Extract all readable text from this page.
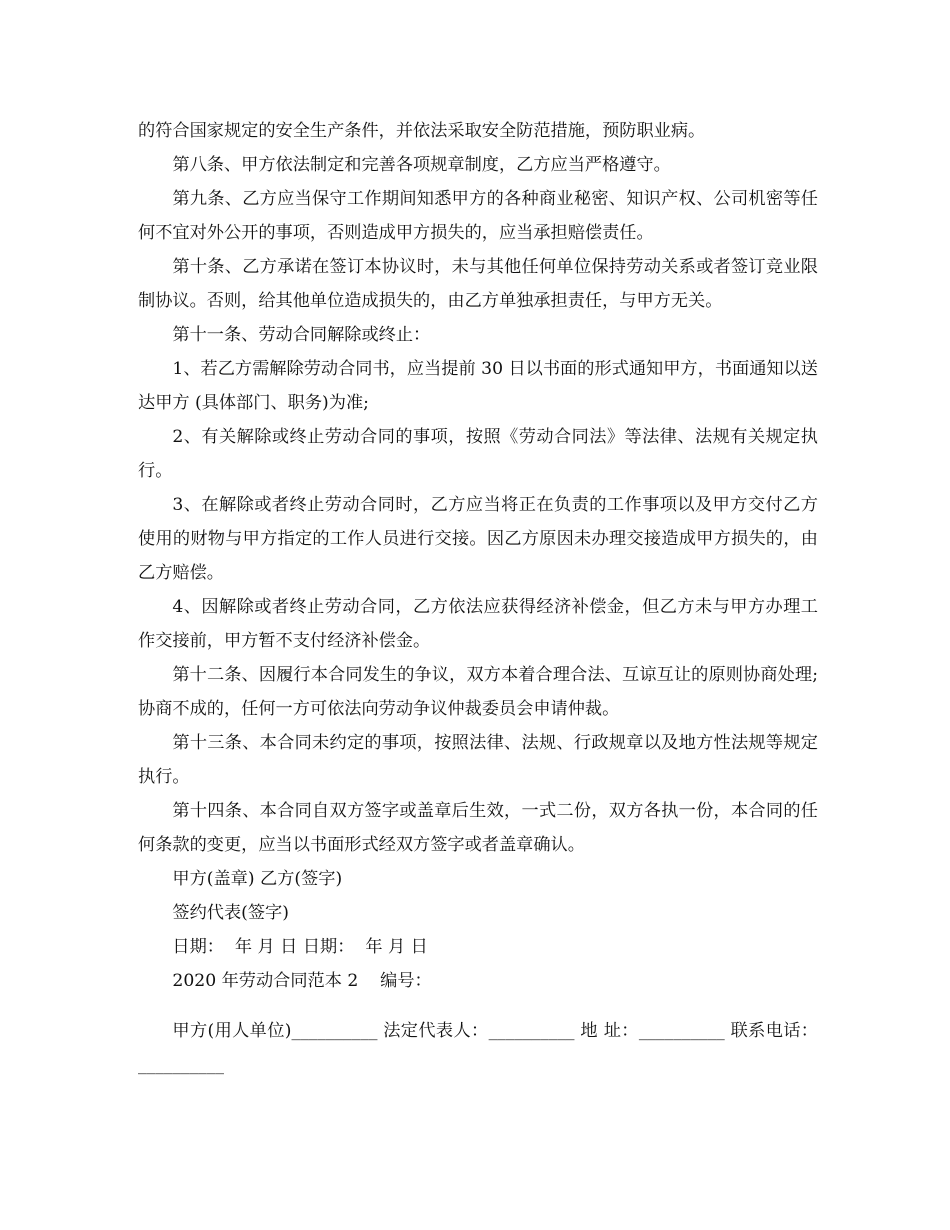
的符合国家规定的安全生产条件，并依法采取安全防范措施，预防职业病。

第八条、甲方依法制定和完善各项规章制度，乙方应当严格遵守。

第九条、乙方应当保守工作期间知悉甲方的各种商业秘密、知识产权、公司机密等任何不宜对外公开的事项，否则造成甲方损失的，应当承担赔偿责任。

第十条、乙方承诺在签订本协议时，未与其他任何单位保持劳动关系或者签订竞业限制协议。否则，给其他单位造成损失的，由乙方单独承担责任，与甲方无关。

第十一条、劳动合同解除或终止：

1、若乙方需解除劳动合同书，应当提前 30 日以书面的形式通知甲方，书面通知以送达甲方 (具体部门、职务)为准;

2、有关解除或终止劳动合同的事项，按照《劳动合同法》等法律、法规有关规定执行。

3、在解除或者终止劳动合同时，乙方应当将正在负责的工作事项以及甲方交付乙方使用的财物与甲方指定的工作人员进行交接。因乙方原因未办理交接造成甲方损失的，由乙方赔偿。

4、因解除或者终止劳动合同，乙方依法应获得经济补偿金，但乙方未与甲方办理工作交接前，甲方暂不支付经济补偿金。

第十二条、因履行本合同发生的争议，双方本着合理合法、互谅互让的原则协商处理;协商不成的，任何一方可依法向劳动争议仲裁委员会申请仲裁。

第十三条、本合同未约定的事项，按照法律、法规、行政规章以及地方性法规等规定执行。

第十四条、本合同自双方签字或盖章后生效，一式二份，双方各执一份，本合同的任何条款的变更，应当以书面形式经双方签字或者盖章确认。

甲方(盖章) 乙方(签字)

签约代表(签字)

日期：  年 月 日 日期：  年 月 日

2020 年劳动合同范本 2    编号：

甲方(用人单位)__________ 法定代表人：__________ 地 址：__________ 联系电话：__________
